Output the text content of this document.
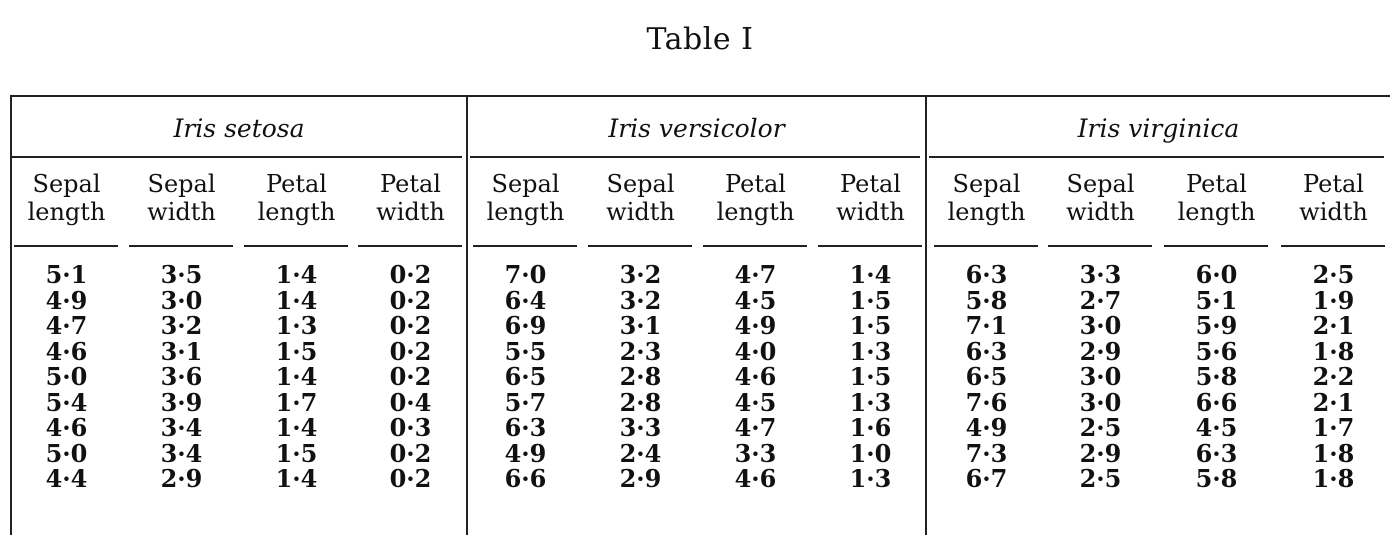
Table I
Iris setosa	Iris versicolor	Iris virginica
Sepal
length
Sepal
width
Petal
length
Petal
width
Sepal
length
Sepal
width
Petal
length
Petal
width
Sepal
length
Sepal
width
Petal
length
Petal
width
5·1
4·9
4·7
4·6
5·0
5·4
4·6
5·0
4·4
3·5
3·0
3·2
3·1
3·6
3·9
3·4
3·4
2·9
1·4
1·4
1·3
1·5
1·4
1·7
1·4
1·5
1·4
0·2
0·2
0·2
0·2
0·2
0·4
0·3
0·2
0·2
7·0
6·4
6·9
5·5
6·5
5·7
6·3
4·9
6·6
3·2
3·2
3·1
2·3
2·8
2·8
3·3
2·4
2·9
4·7
4·5
4·9
4·0
4·6
4·5
4·7
3·3
4·6
1·4
1·5
1·5
1·3
1·5
1·3
1·6
1·0
1·3
6·3
5·8
7·1
6·3
6·5
7·6
4·9
7·3
6·7
3·3
2·7
3·0
2·9
3·0
3·0
2·5
2·9
2·5
6·0
5·1
5·9
5·6
5·8
6·6
4·5
6·3
5·8
2·5
1·9
2·1
1·8
2·2
2·1
1·7
1·8
1·8
